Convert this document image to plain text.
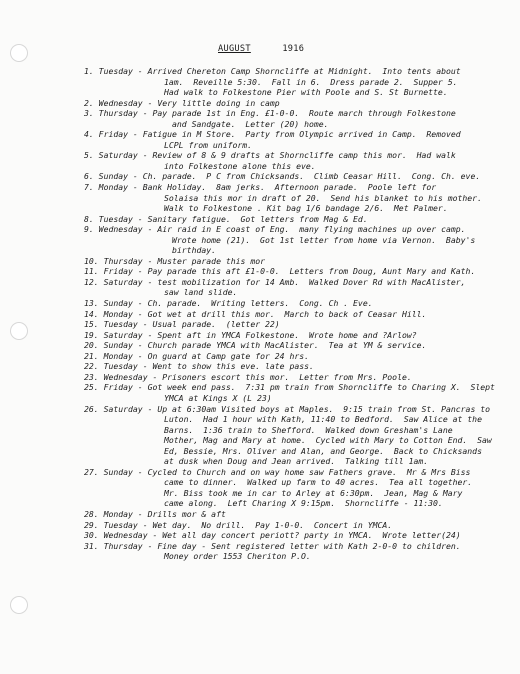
AUGUST	1916
1. Tuesday - Arrived Chereton Camp Shorncliffe at Midnight.  Into tents about
1am.  Reveille 5:30.  Fall in 6.  Dress parade 2.  Supper 5.
Had walk to Folkestone Pier with Poole and S. St Burnette.
2. Wednesday - Very little doing in camp
3. Thursday - Pay parade 1st in Eng. £1-0-0.  Route march through Folkestone
and Sandgate.  Letter (20) home.
4. Friday - Fatigue in M Store.  Party from Olympic arrived in Camp.  Removed
LCPL from uniform.
5. Saturday - Review of 8 & 9 drafts at Shorncliffe camp this mor.  Had walk
into Folkestone alone this eve.
6. Sunday - Ch. parade.  P C from Chicksands.  Climb Ceasar Hill.  Cong. Ch. eve.
7. Monday - Bank Holiday.  8am jerks.  Afternoon parade.  Poole left for
Solaisa this mor in draft of 20.  Send his blanket to his mother.
Walk to Folkestone . Kit bag 1/6 bandage 2/6.  Met Palmer.
8. Tuesday - Sanitary fatigue.  Got letters from Mag & Ed.
9. Wednesday - Air raid in E coast of Eng.  many flying machines up over camp.
Wrote home (21).  Got 1st letter from home via Vernon.  Baby's
birthday.
10. Thursday - Muster parade this mor
11. Friday - Pay parade this aft £1-0-0.  Letters from Doug, Aunt Mary and Kath.
12. Saturday - test mobilization for 14 Amb.  Walked Dover Rd with MacAlister,
saw land slide.
13. Sunday - Ch. parade.  Writing letters.  Cong. Ch . Eve.
14. Monday - Got wet at drill this mor.  March to back of Ceasar Hill.
15. Tuesday - Usual parade.  (letter 22)
19. Saturday - Spent aft in YMCA Folkestone.  Wrote home and ?Arlow?
20. Sunday - Church parade YMCA with MacAlister.  Tea at YM & service.
21. Monday - On guard at Camp gate for 24 hrs.
22. Tuesday - Went to show this eve. late pass.
23. Wednesday - Prisoners escort this mor.  Letter from Mrs. Poole.
25. Friday - Got week end pass.  7:31 pm train from Shorncliffe to Charing X.  Slept
YMCA at Kings X (L 23)
26. Saturday - Up at 6:30am Visited boys at Maples.  9:15 train from St. Pancras to
Luton.  Had 1 hour with Kath, 11:40 to Bedford.  Saw Alice at the
Barns.  1:36 train to Shefford.  Walked down Gresham's Lane
Mother, Mag and Mary at home.  Cycled with Mary to Cotton End.  Saw
Ed, Bessie, Mrs. Oliver and Alan, and George.  Back to Chicksands
at dusk when Doug and Jean arrived.  Talking till 1am.
27. Sunday - Cycled to Church and on way home saw Fathers grave.  Mr & Mrs Biss
came to dinner.  Walked up farm to 40 acres.  Tea all together.
Mr. Biss took me in car to Arley at 6:30pm.  Jean, Mag & Mary
came along.  Left Charing X 9:15pm.  Shorncliffe - 11:30.
28. Monday - Drills mor & aft
29. Tuesday - Wet day.  No drill.  Pay 1-0-0.  Concert in YMCA.
30. Wednesday - Wet all day concert periott? party in YMCA.  Wrote letter(24)
31. Thursday - Fine day - Sent registered letter with Kath 2-0-0 to children.
Money order 1553 Cheriton P.O.
